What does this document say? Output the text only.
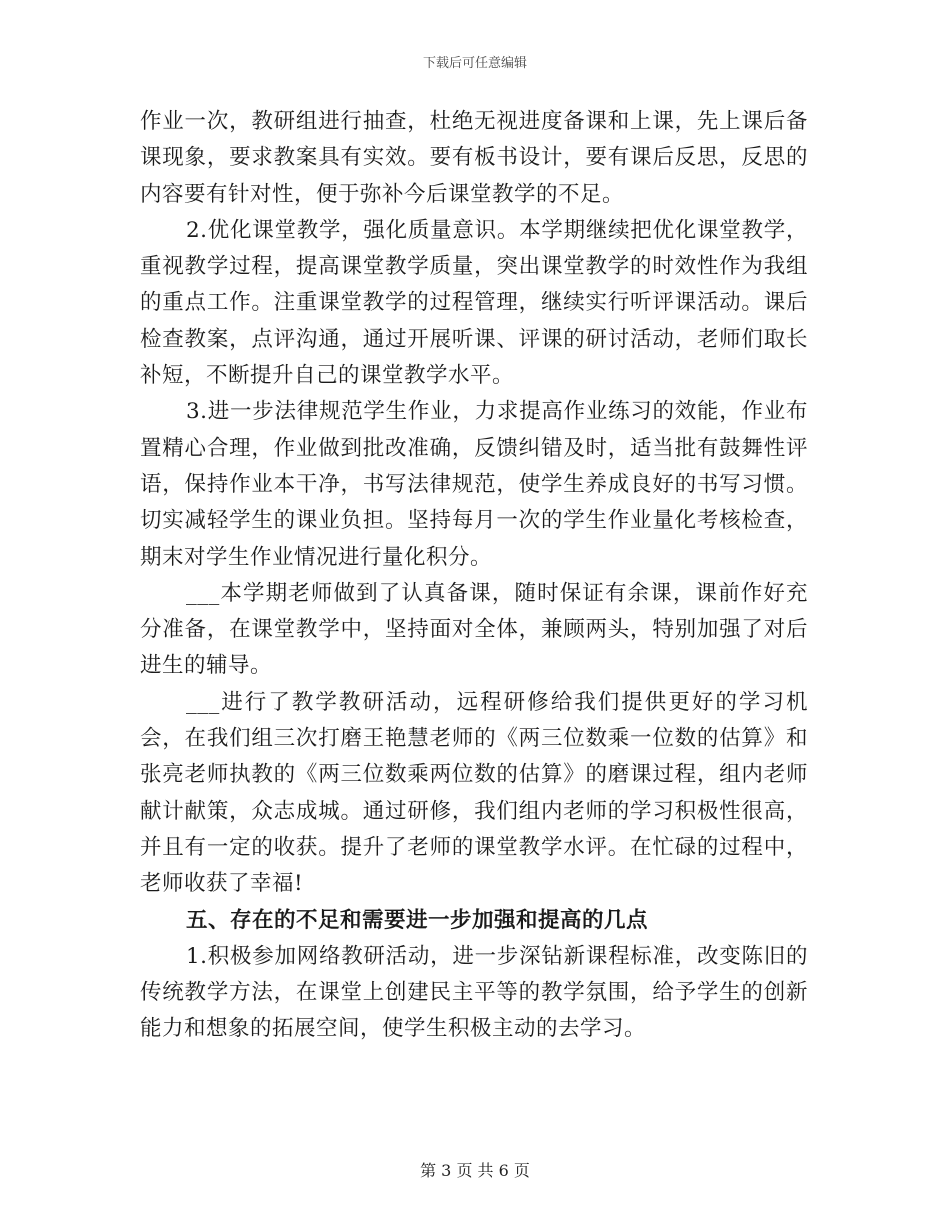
下载后可任意编辑

作业一次，教研组进行抽查，杜绝无视进度备课和上课，先上课后备课现象，要求教案具有实效。要有板书设计，要有课后反思，反思的内容要有针对性，便于弥补今后课堂教学的不足。

2.优化课堂教学，强化质量意识。本学期继续把优化课堂教学，重视教学过程，提高课堂教学质量，突出课堂教学的时效性作为我组的重点工作。注重课堂教学的过程管理，继续实行听评课活动。课后检查教案，点评沟通，通过开展听课、评课的研讨活动，老师们取长补短，不断提升自己的课堂教学水平。

3.进一步法律规范学生作业，力求提高作业练习的效能，作业布置精心合理，作业做到批改准确，反馈纠错及时，适当批有鼓舞性评语，保持作业本干净，书写法律规范，使学生养成良好的书写习惯。切实减轻学生的课业负担。坚持每月一次的学生作业量化考核检查，期末对学生作业情况进行量化积分。

___本学期老师做到了认真备课，随时保证有余课，课前作好充分准备，在课堂教学中，坚持面对全体，兼顾两头，特别加强了对后进生的辅导。

___进行了教学教研活动，远程研修给我们提供更好的学习机会，在我们组三次打磨王艳慧老师的《两三位数乘一位数的估算》和张亮老师执教的《两三位数乘两位数的估算》的磨课过程，组内老师献计献策，众志成城。通过研修，我们组内老师的学习积极性很高，并且有一定的收获。提升了老师的课堂教学水评。在忙碌的过程中，老师收获了幸福!

五、存在的不足和需要进一步加强和提高的几点

1.积极参加网络教研活动，进一步深钻新课程标准，改变陈旧的传统教学方法，在课堂上创建民主平等的教学氛围，给予学生的创新能力和想象的拓展空间，使学生积极主动的去学习。

第 3 页 共 6 页
